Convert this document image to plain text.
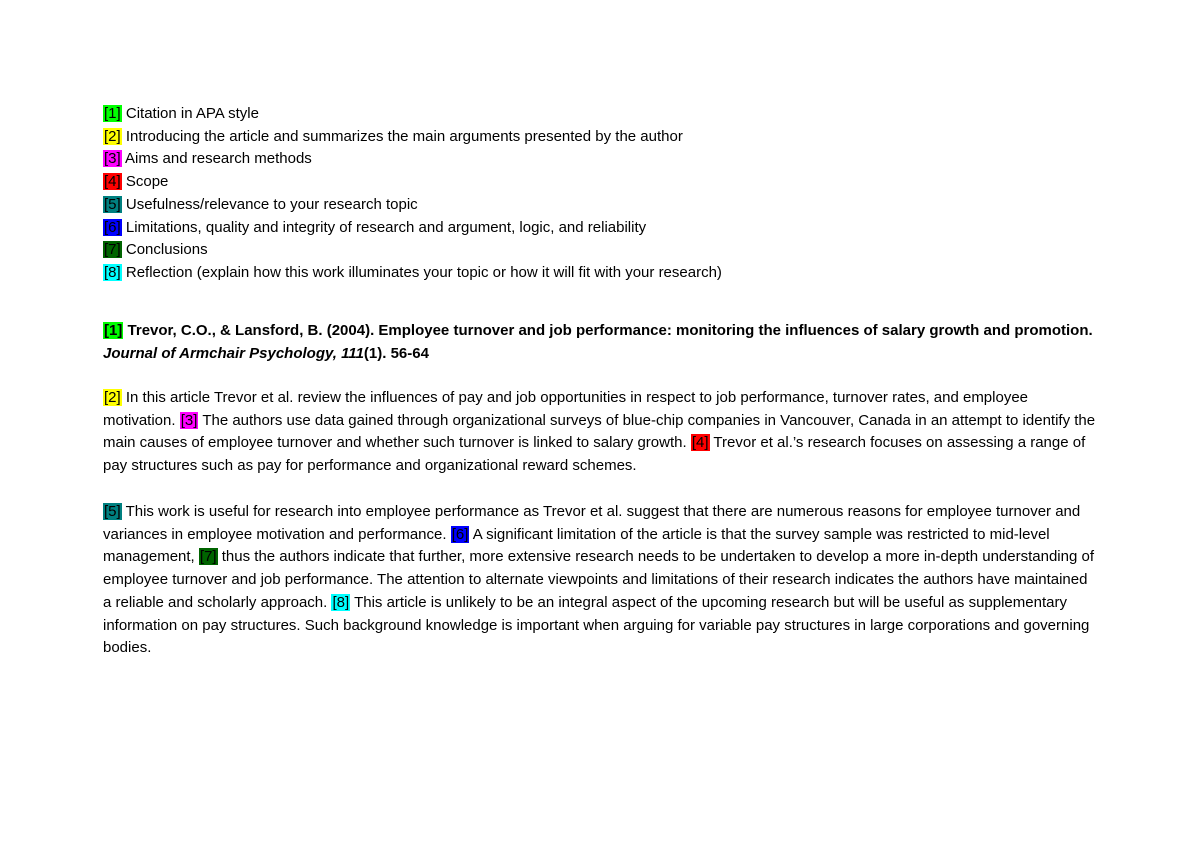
[1] Citation in APA style
[2] Introducing the article and summarizes the main arguments presented by the author
[3] Aims and research methods
[4] Scope
[5] Usefulness/relevance to your research topic
[6] Limitations, quality and integrity of research and argument, logic, and reliability
[7] Conclusions
[8] Reflection (explain how this work illuminates your topic or how it will fit with your research)

[1] Trevor, C.O., & Lansford, B. (2004). Employee turnover and job performance: monitoring the influences of salary growth and promotion. Journal of Armchair Psychology, 111(1). 56-64

[2] In this article Trevor et al. review the influences of pay and job opportunities in respect to job performance, turnover rates, and employee motivation. [3] The authors use data gained through organizational surveys of blue-chip companies in Vancouver, Canada in an attempt to identify the main causes of employee turnover and whether such turnover is linked to salary growth. [4] Trevor et al.’s research focuses on assessing a range of pay structures such as pay for performance and organizational reward schemes.

[5] This work is useful for research into employee performance as Trevor et al. suggest that there are numerous reasons for employee turnover and variances in employee motivation and performance. [6] A significant limitation of the article is that the survey sample was restricted to mid-level management, [7] thus the authors indicate that further, more extensive research needs to be undertaken to develop a more in-depth understanding of employee turnover and job performance. The attention to alternate viewpoints and limitations of their research indicates the authors have maintained a reliable and scholarly approach. [8] This article is unlikely to be an integral aspect of the upcoming research but will be useful as supplementary information on pay structures. Such background knowledge is important when arguing for variable pay structures in large corporations and governing bodies.
